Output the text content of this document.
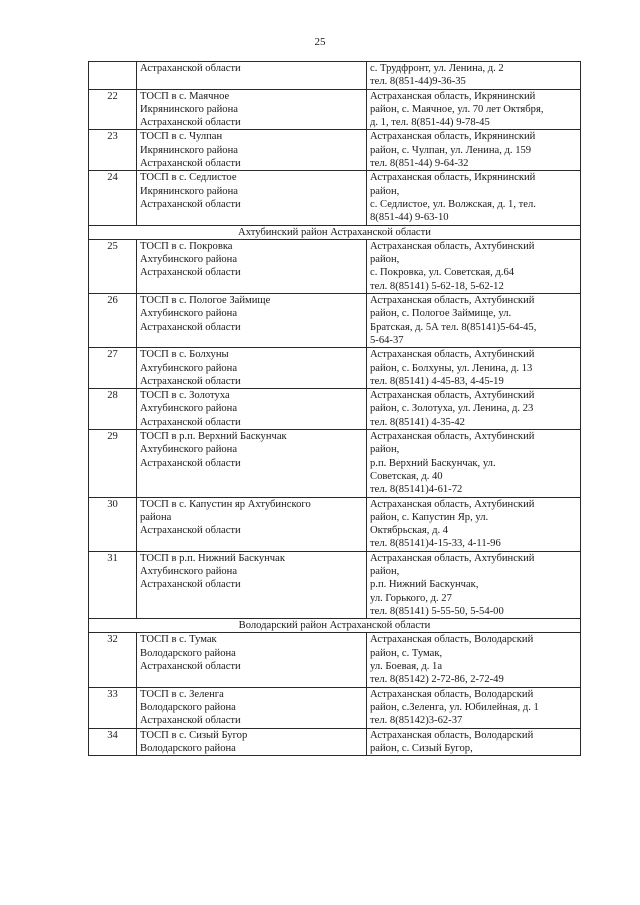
25

	Астраханской области	с. Трудфронт, ул. Ленина, д. 2
тел. 8(851-44)9-36-35

22	ТОСП в с. Маячное
Икрянинского района
Астраханской области	Астраханская область, Икрянинский
район, с. Маячное, ул. 70 лет Октября,
д. 1, тел. 8(851-44) 9-78-45

23	ТОСП в с. Чулпан
Икрянинского района
Астраханской области	Астраханская область, Икрянинский
район, с. Чулпан, ул. Ленина, д. 159
тел. 8(851-44) 9-64-32

24	ТОСП в с. Седлистое
Икрянинского района
Астраханской области	Астраханская область, Икрянинский
район,
с. Седлистое, ул. Волжская, д. 1, тел.
8(851-44) 9-63-10

Ахтубинский район Астраханской области		
25	ТОСП в с. Покровка
Ахтубинского района
Астраханской области	Астраханская область, Ахтубинский
район,
с. Покровка, ул. Советская, д.64
тел. 8(85141) 5-62-18, 5-62-12

26	ТОСП в с. Пологое Займище
Ахтубинского района
Астраханской области	Астраханская область, Ахтубинский
район, с. Пологое Займище, ул.
Братская, д. 5А тел. 8(85141)5-64-45,
5-64-37

27	ТОСП в с. Болхуны
Ахтубинского района
Астраханской области	Астраханская область, Ахтубинский
район, с. Болхуны, ул. Ленина, д. 13
тел. 8(85141) 4-45-83, 4-45-19

28	ТОСП в с. Золотуха
Ахтубинского района
Астраханской области	Астраханская область, Ахтубинский
район, с. Золотуха, ул. Ленина, д. 23
тел. 8(85141) 4-35-42

29	ТОСП в р.п. Верхний Баскунчак
Ахтубинского района
Астраханской области	Астраханская область, Ахтубинский
район,
р.п. Верхний Баскунчак, ул.
Советская, д. 40
тел. 8(85141)4-61-72

30	ТОСП в с. Капустин яр Ахтубинского
района
Астраханской области	Астраханская область, Ахтубинский
район, с. Капустин Яр, ул.
Октябрьская, д. 4
тел. 8(85141)4-15-33, 4-11-96

31	ТОСП в р.п. Нижний Баскунчак
Ахтубинского района
Астраханской области	Астраханская область, Ахтубинский
район,
р.п. Нижний Баскунчак,
ул. Горького, д. 27
тел. 8(85141) 5-55-50, 5-54-00

Володарский район Астраханской области		
32	ТОСП в с. Тумак
Володарского района
Астраханской области	Астраханская область, Володарский
район, с. Тумак,
ул. Боевая, д. 1а
тел. 8(85142) 2-72-86, 2-72-49

33	ТОСП в с. Зеленга
Володарского района
Астраханской области	Астраханская область, Володарский
район, с.Зеленга, ул. Юбилейная, д. 1
тел. 8(85142)3-62-37

34	ТОСП в с. Сизый Бугор
Володарского района	Астраханская область, Володарский
район, с. Сизый Бугор,
